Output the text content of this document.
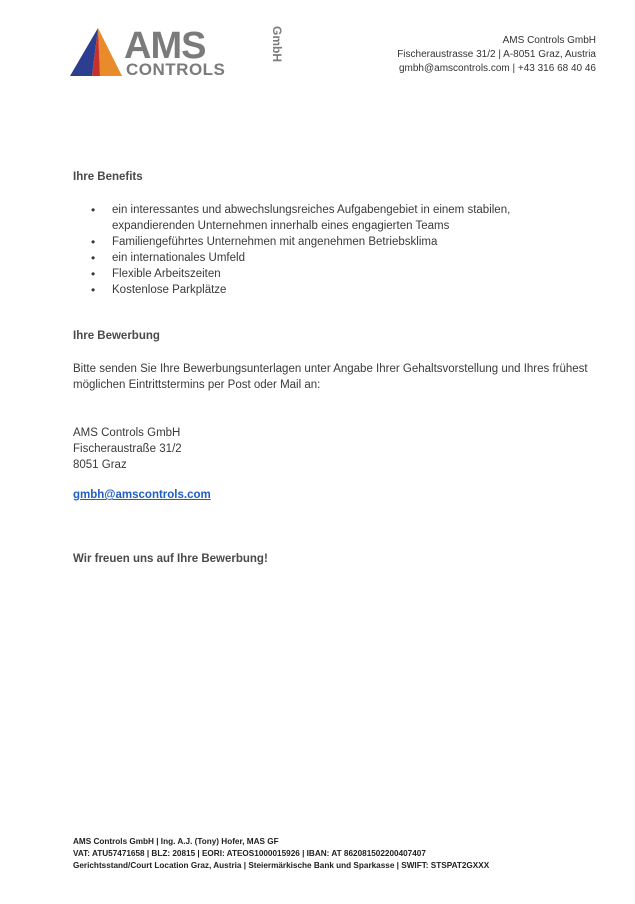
AMS
CONTROLS
GmbH	AMS Controls GmbH
Fischeraustrasse 31/2 | A-8051 Graz, Austria
gmbh@amscontrols.com | +43 316 68 40 46
Ihre Benefits
• ein interessantes und abwechslungsreiches Aufgabengebiet in einem stabilen, expandierenden Unternehmen innerhalb eines engagierten Teams
• Familiengeführtes Unternehmen mit angenehmen Betriebsklima
• ein internationales Umfeld
• Flexible Arbeitszeiten
• Kostenlose Parkplätze
Ihre Bewerbung
Bitte senden Sie Ihre Bewerbungsunterlagen unter Angabe Ihrer Gehaltsvorstellung und Ihres frühest möglichen Eintrittstermins per Post oder Mail an:
AMS Controls GmbH
Fischeraustraße 31/2
8051 Graz
gmbh@amscontrols.com
Wir freuen uns auf Ihre Bewerbung!
AMS Controls GmbH | Ing. A.J. (Tony) Hofer, MAS GF
VAT: ATU57471658 | BLZ: 20815 | EORI: ATEOS1000015926 | IBAN: AT 862081502200407407
Gerichtsstand/Court Location Graz, Austria | Steiermärkische Bank und Sparkasse | SWIFT: STSPAT2GXXX
